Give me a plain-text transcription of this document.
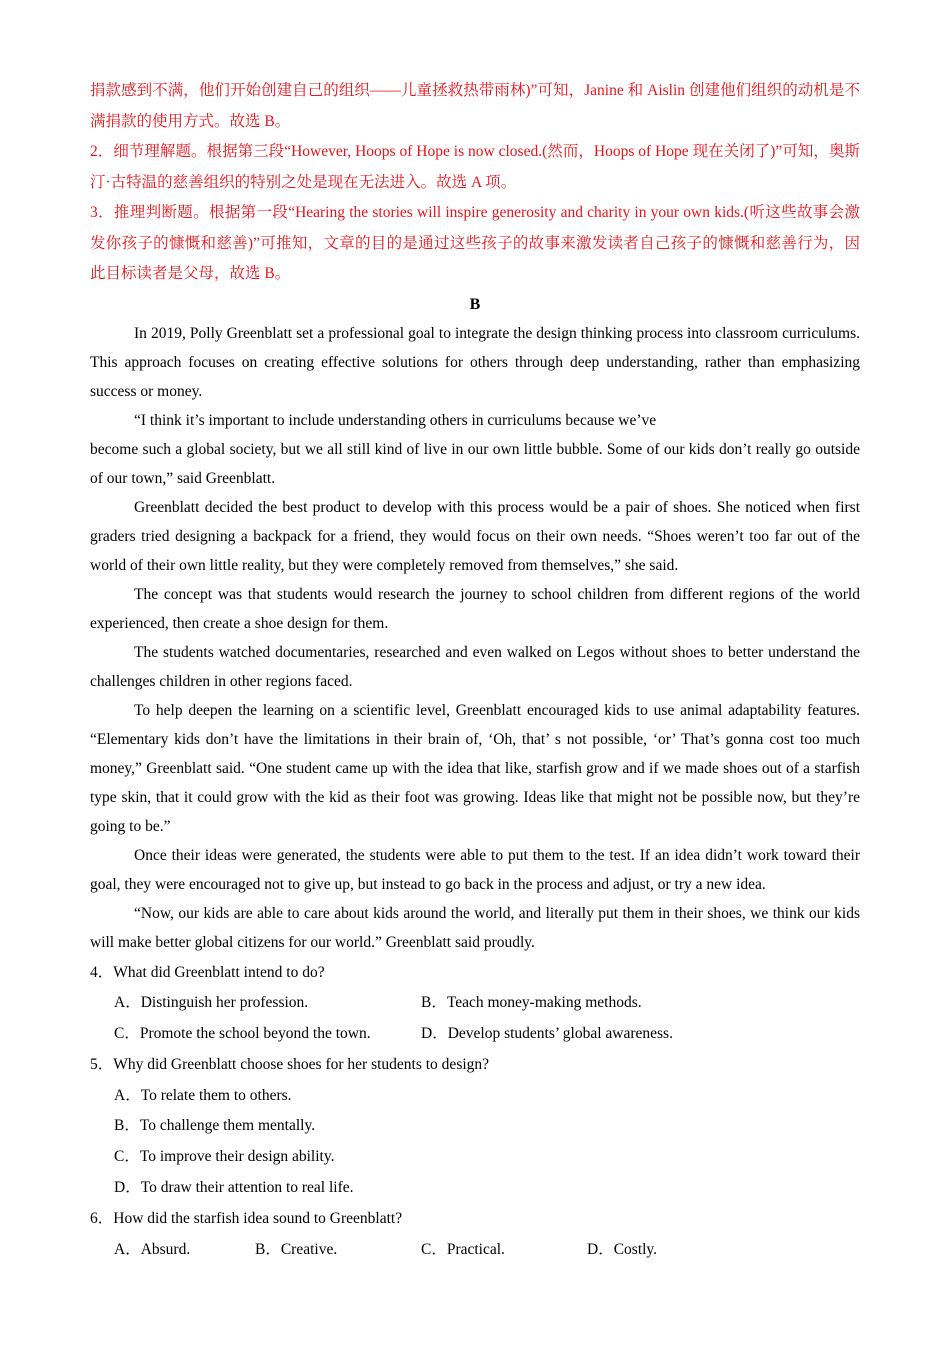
捐款感到不满，他们开始创建自己的组织——儿童拯救热带雨林)”可知，Janine 和 Aislin 创建他们组织的动机是不满捐款的使用方式。故选 B。

2．细节理解题。根据第三段“However, Hoops of Hope is now closed.(然而，Hoops of Hope 现在关闭了)”可知，奥斯汀·古特温的慈善组织的特别之处是现在无法进入。故选 A 项。

3．推理判断题。根据第一段“Hearing the stories will inspire generosity and charity in your own kids.(听这些故事会激发你孩子的慷慨和慈善)”可推知，文章的目的是通过这些孩子的故事来激发读者自己孩子的慷慨和慈善行为，因此目标读者是父母，故选 B。

B

In 2019, Polly Greenblatt set a professional goal to integrate the design thinking process into classroom curriculums. This approach focuses on creating effective solutions for others through deep understanding, rather than emphasizing success or money.

“I think it’s important to include understanding others in curriculums because we’ve

become such a global society, but we all still kind of live in our own little bubble. Some of our kids don’t really go outside of our town,” said Greenblatt.

Greenblatt decided the best product to develop with this process would be a pair of shoes. She noticed when first graders tried designing a backpack for a friend, they would focus on their own needs. “Shoes weren’t too far out of the world of their own little reality, but they were completely removed from themselves,” she said.

The concept was that students would research the journey to school children from different regions of the world experienced, then create a shoe design for them.

The students watched documentaries, researched and even walked on Legos without shoes to better understand the challenges children in other regions faced.

To help deepen the learning on a scientific level, Greenblatt encouraged kids to use animal adaptability features. “Elementary kids don’t have the limitations in their brain of, ‘Oh, that’ s not possible, ‘or’ That’s gonna cost too much money,” Greenblatt said. “One student came up with the idea that like, starfish grow and if we made shoes out of a starfish type skin, that it could grow with the kid as their foot was growing. Ideas like that might not be possible now, but they’re going to be.”

Once their ideas were generated, the students were able to put them to the test. If an idea didn’t work toward their goal, they were encouraged not to give up, but instead to go back in the process and adjust, or try a new idea.

“Now, our kids are able to care about kids around the world, and literally put them in their shoes, we think our kids will make better global citizens for our world.” Greenblatt said proudly.

4．What did Greenblatt intend to do?

A．Distinguish her profession.	B．Teach money-making methods.
C．Promote the school beyond the town.	D．Develop students’ global awareness.

5．Why did Greenblatt choose shoes for her students to design?

A．To relate them to others.
B．To challenge them mentally.
C．To improve their design ability.
D．To draw their attention to real life.

6．How did the starfish idea sound to Greenblatt?

A．Absurd.	B．Creative.	C．Practical.	D．Costly.
